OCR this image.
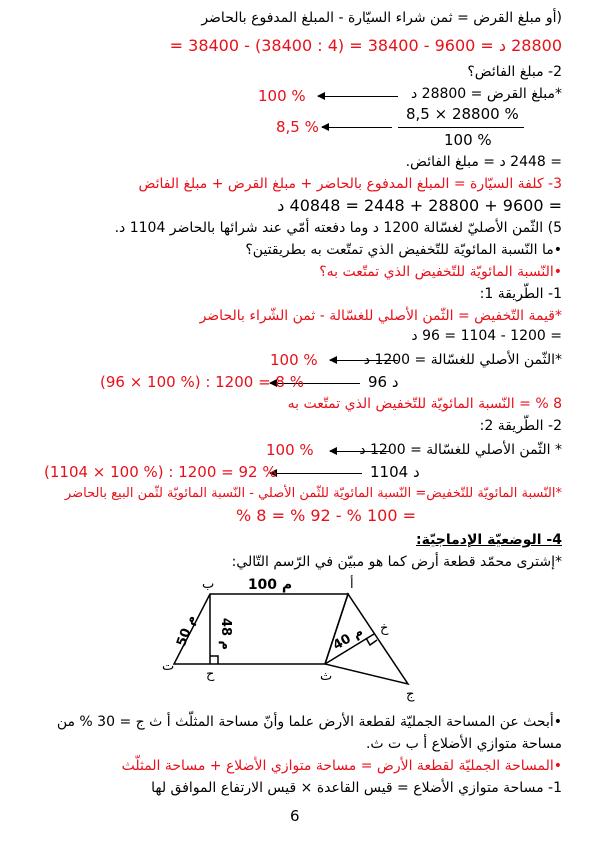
(أو مبلغ القرض = ثمن شراء السيّارة - المبلغ المدفوع بالحاضر
28800 د = 9600 - 38400 = (4 : 38400) - 38400 =
2- مبلغ الفائض؟
*مبلغ القرض = 28800 د
100 %
8,5 × 28800 %
100 %
8,5 %
= 2448 د = مبلغ الفائض.
3- كلفة السيّارة = المبلغ المدفوع بالحاضر + مبلغ القرض + مبلغ الفائض
= 9600 + 28800 + 2448 = 40848 د
5) الثّمن الأصليّ لغسّالة 1200 د وما دفعته أمّي عند شرائها بالحاضر 1104 د.
•ما النّسبة المائويّة للتّخفيض الذي تمتّعت به بطريقتين؟
•النّسبة المائويّة للتّخفيض الذي تمتّعت به؟
1- الطّريقة 1:
*قيمة التّخفيض = الثّمن الأصلي للغسّالة - ثمن الشّراء بالحاضر
= 1200 - 1104 = 96 د
*الثّمن الأصلي للغسّالة = 1200 د
100 %
96 د
(96 × 100 %) : 1200 = 8 %
8 % = النّسبة المائويّة للتّخفيض الذي تمتّعت به
2- الطّريقة 2:
* الثّمن الأصلي للغسّالة = 1200 د
100 %
1104 د
(1104 × 100 %) : 1200 = 92 %
*النّسبة المائويّة للتّخفيض= النّسبة المائويّة للثّمن الأصلي - النّسبة المائويّة لثّمن البيع بالحاضر
= 100 % - 92 % = 8 %
4- الوضعيّة الإدماجيّة:
*إشترى محمّد قطعة أرض كما هو مبيّن في الرّسم التّالي:
100 م
50 م 48 م	40 م
أ
ب
ت
ح	ث
خ
ج
•أبحث عن المساحة الجمليّة لقطعة الأرض علما وأنّ مساحة المثلّث أ ث ج = 30 % من
مساحة متوازي الأضلاع أ ب ت ث.
•المساحة الجمليّة لقطعة الأرض = مساحة متوازي الأضلاع + مساحة المثلّث
1- مساحة متوازي الأضلاع = قيس القاعدة × قيس الارتفاع الموافق لها
6
